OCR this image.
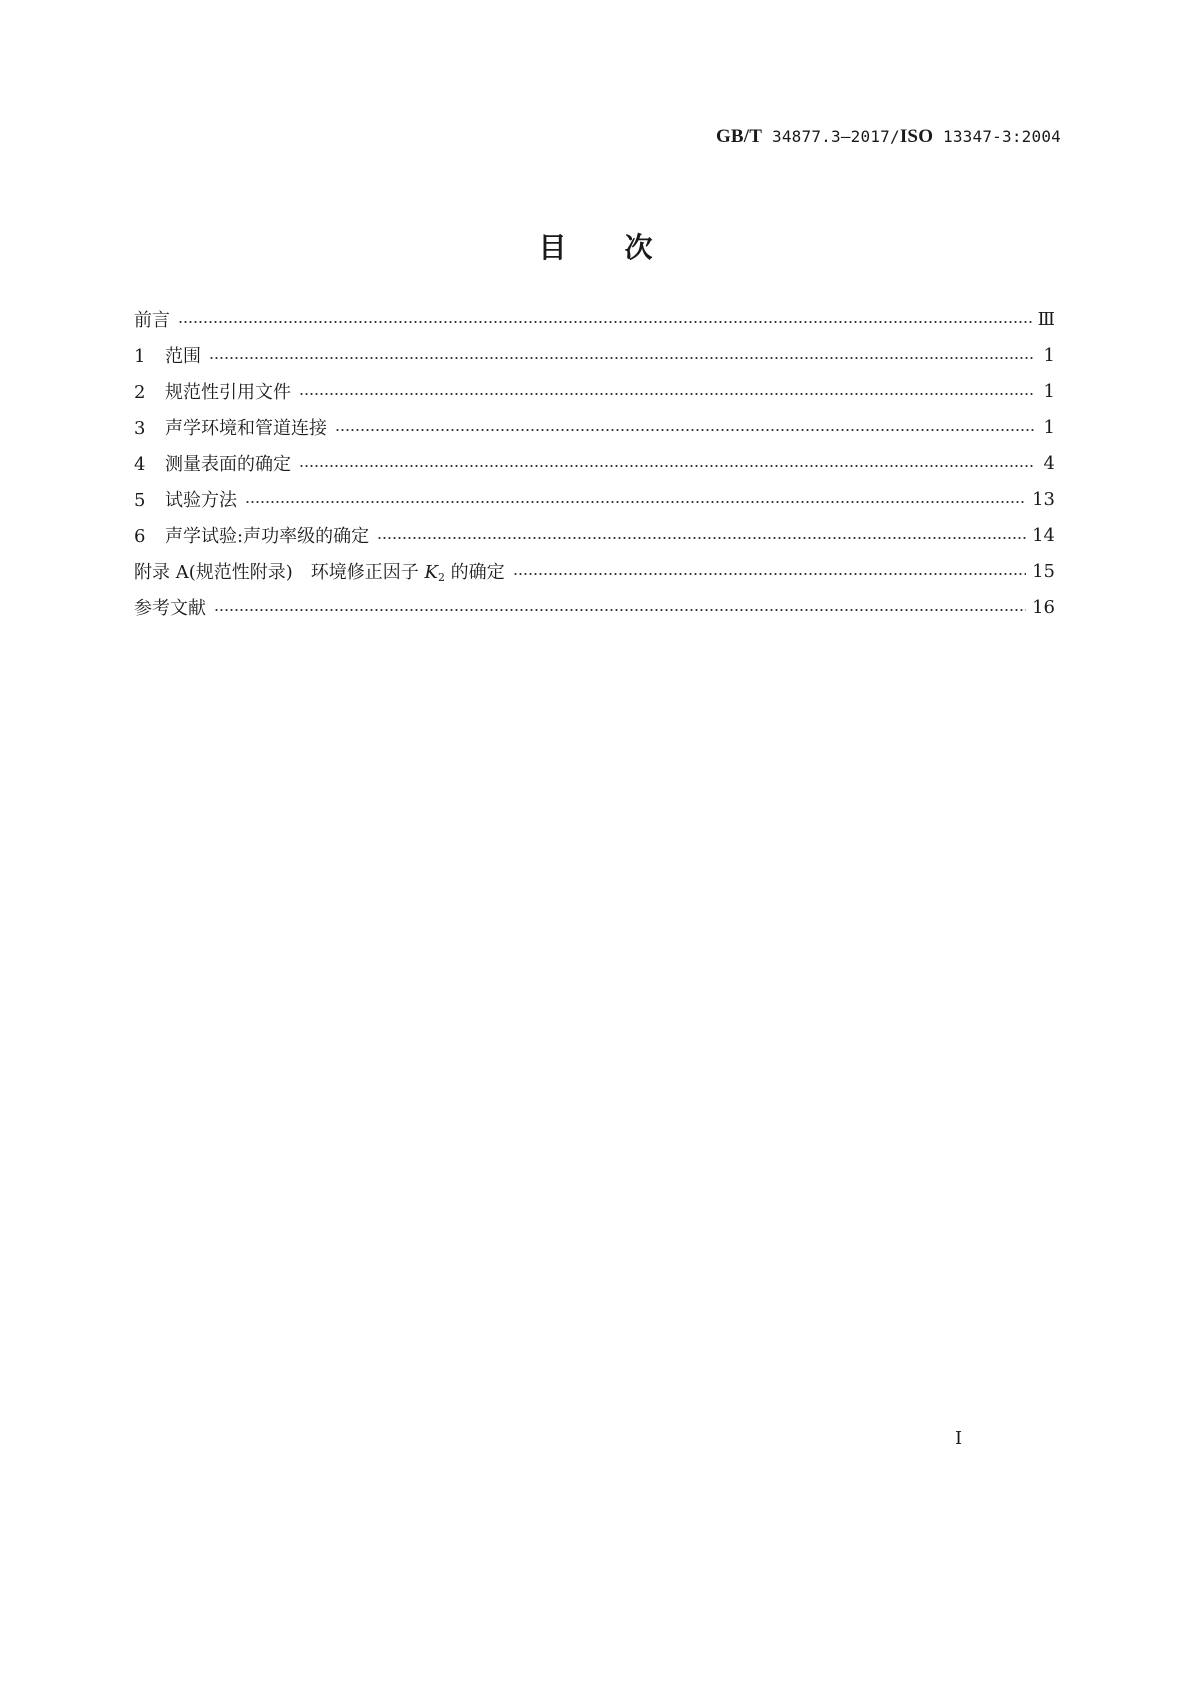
GB/T 34877.3—2017/ISO 13347-3:2004
目 次
前言	Ⅲ
1 范围	1
2 规范性引用文件	1
3 声学环境和管道连接	1
4 测量表面的确定	4
5 试验方法	13
6 声学试验:声功率级的确定	14
附录 A(规范性附录)　环境修正因子 $K_2$ 的确定	15
参考文献	16
I
